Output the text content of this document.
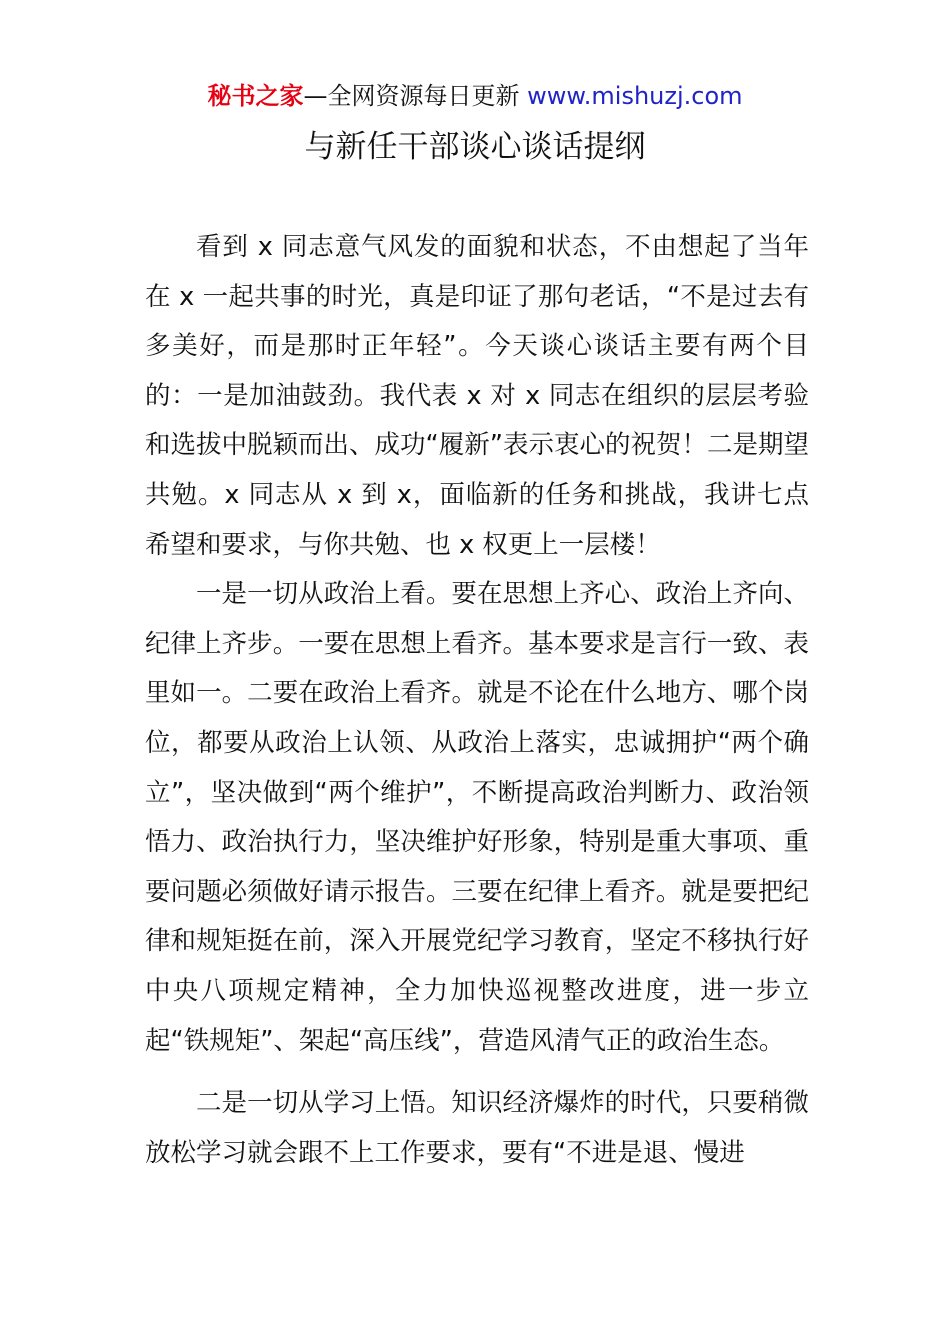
秘书之家—全网资源每日更新 www.mishuzj.com
与新任干部谈心谈话提纲

看到 x 同志意气风发的面貌和状态，不由想起了当年在 x 一起共事的时光，真是印证了那句老话，“不是过去有多美好，而是那时正年轻”。今天谈心谈话主要有两个目的：一是加油鼓劲。我代表 x 对 x 同志在组织的层层考验和选拔中脱颖而出、成功“履新”表示衷心的祝贺！二是期望共勉。x 同志从 x 到 x，面临新的任务和挑战，我讲七点希望和要求，与你共勉、也 x 权更上一层楼！

一是一切从政治上看。要在思想上齐心、政治上齐向、纪律上齐步。一要在思想上看齐。基本要求是言行一致、表里如一。二要在政治上看齐。就是不论在什么地方、哪个岗位，都要从政治上认领、从政治上落实，忠诚拥护“两个确立”，坚决做到“两个维护”，不断提高政治判断力、政治领悟力、政治执行力，坚决维护好形象，特别是重大事项、重要问题必须做好请示报告。三要在纪律上看齐。就是要把纪律和规矩挺在前，深入开展党纪学习教育，坚定不移执行好中央八项规定精神，全力加快巡视整改进度，进一步立起“铁规矩”、架起“高压线”，营造风清气正的政治生态。

二是一切从学习上悟。知识经济爆炸的时代，只要稍微放松学习就会跟不上工作要求，要有“不进是退、慢进
